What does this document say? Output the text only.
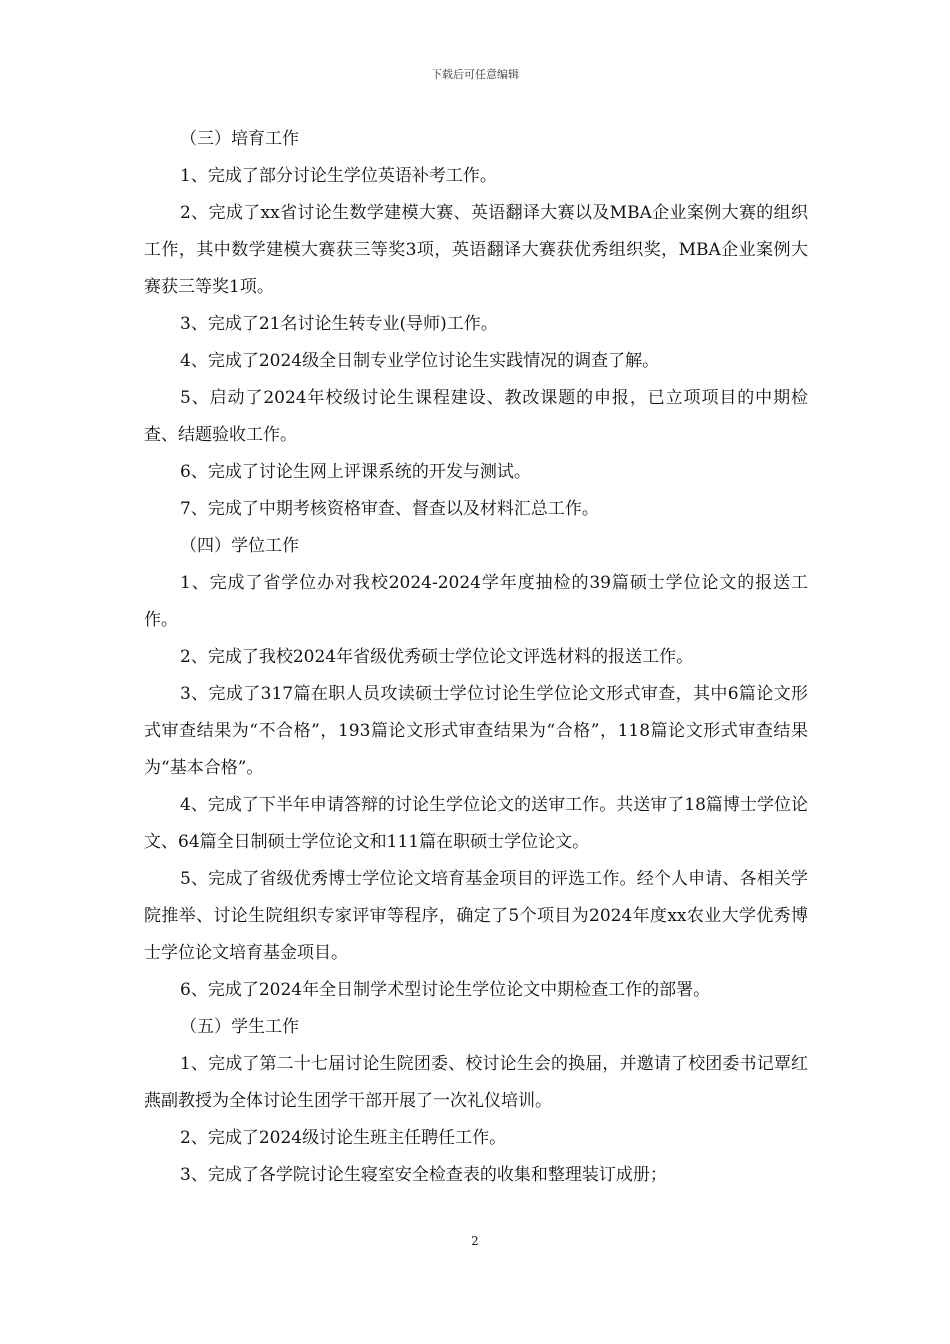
下载后可任意编辑

（三）培育工作

1、完成了部分讨论生学位英语补考工作。

2、完成了xx省讨论生数学建模大赛、英语翻译大赛以及MBA企业案例大赛的组织工作，其中数学建模大赛获三等奖3项，英语翻译大赛获优秀组织奖，MBA企业案例大赛获三等奖1项。

3、完成了21名讨论生转专业(导师)工作。

4、完成了2024级全日制专业学位讨论生实践情况的调查了解。

5、启动了2024年校级讨论生课程建设、教改课题的申报，已立项项目的中期检查、结题验收工作。

6、完成了讨论生网上评课系统的开发与测试。

7、完成了中期考核资格审查、督查以及材料汇总工作。

（四）学位工作

1、完成了省学位办对我校2024-2024学年度抽检的39篇硕士学位论文的报送工作。

2、完成了我校2024年省级优秀硕士学位论文评选材料的报送工作。

3、完成了317篇在职人员攻读硕士学位讨论生学位论文形式审查，其中6篇论文形式审查结果为“不合格”，193篇论文形式审查结果为“合格”，118篇论文形式审查结果为“基本合格”。

4、完成了下半年申请答辩的讨论生学位论文的送审工作。共送审了18篇博士学位论文、64篇全日制硕士学位论文和111篇在职硕士学位论文。

5、完成了省级优秀博士学位论文培育基金项目的评选工作。经个人申请、各相关学院推举、讨论生院组织专家评审等程序，确定了5个项目为2024年度xx农业大学优秀博士学位论文培育基金项目。

6、完成了2024年全日制学术型讨论生学位论文中期检查工作的部署。

（五）学生工作

1、完成了第二十七届讨论生院团委、校讨论生会的换届，并邀请了校团委书记覃红燕副教授为全体讨论生团学干部开展了一次礼仪培训。

2、完成了2024级讨论生班主任聘任工作。

3、完成了各学院讨论生寝室安全检查表的收集和整理装订成册；

2
